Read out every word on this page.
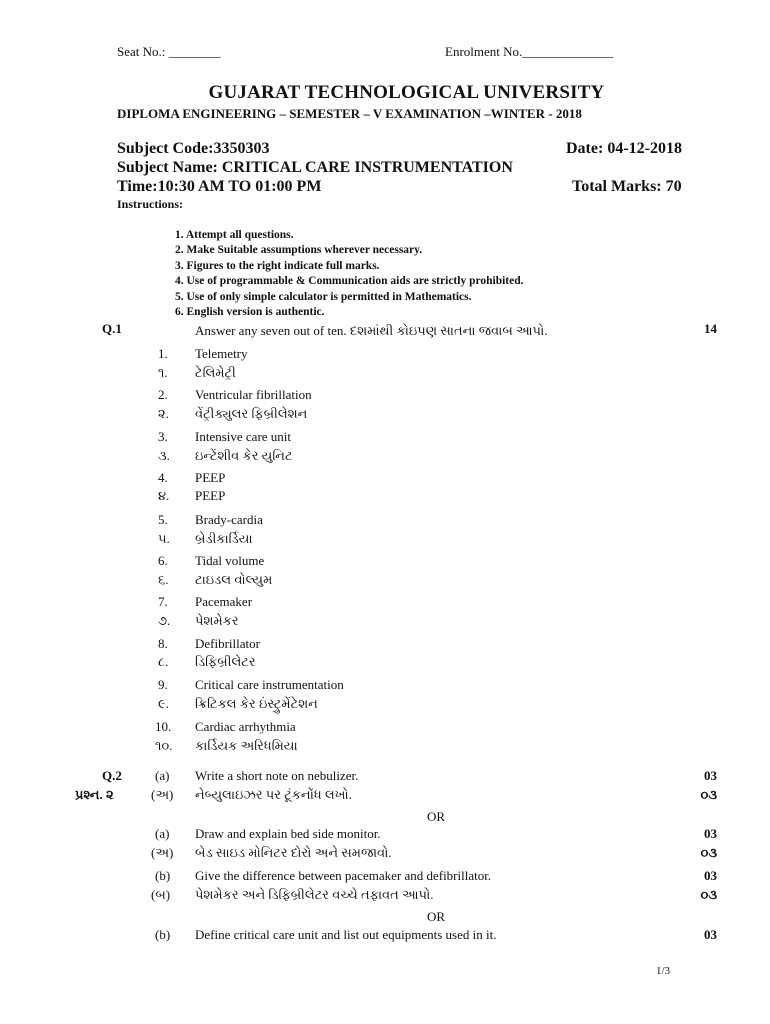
Seat No.: ________	Enrolment No.______________
GUJARAT TECHNOLOGICAL UNIVERSITY
DIPLOMA ENGINEERING – SEMESTER – V EXAMINATION –WINTER - 2018
Subject Code:3350303	Date: 04-12-2018
Subject Name: CRITICAL CARE INSTRUMENTATION
Time:10:30 AM TO 01:00 PM	Total Marks: 70
Instructions:
1. Attempt all questions.
2. Make Suitable assumptions wherever necessary.
3. Figures to the right indicate full marks.
4. Use of programmable & Communication aids are strictly prohibited.
5. Use of only simple calculator is permitted in Mathematics.
6. English version is authentic.
Q.1	Answer any seven out of ten. દશમાંથી કોઇપણ સાતના જવાબ આપો.	14
1. Telemetry
૧. ટેલિમેટ્રી
2. Ventricular fibrillation
૨. વેંટ્રીક્યુલર ફિબ્રીલેશન
3. Intensive care unit
૩. ઇન્ટેંશીવ કેર યુનિટ
4. PEEP
૪. PEEP
5. Brady-cardia
૫. બ્રેડીકાર્ડિયા
6. Tidal volume
૬. ટાઇડલ વોલ્યુમ
7. Pacemaker
૭. પેશમેકર
8. Defibrillator
૮. ડિફિબ્રીલેટર
9. Critical care instrumentation
૯. ક્રિટિકલ કેર ઇંસ્ટ્રુમેંટેશન
10. Cardiac arrhythmia
૧૦. કાર્ડિયક અરિધમિયા
Q.2
પ્રશ્ન. ૨
(a) Write a short note on nebulizer.	03
(અ) નેબ્યુલાઇઝર પર ટૂંકનોંધ લખો.	૦૩
OR
(a) Draw and explain bed side monitor.	03
(અ) બેડ સાઇડ મોનિટર દોરો અને સમજાવો.	૦૩
(b) Give the difference between pacemaker and defibrillator.	03
(બ) પેશમેકર અને ડિફિબ્રીલેટર વચ્ચે તફાવત આપો.	૦૩
OR
(b) Define critical care unit and list out equipments used in it.	03
1/3
